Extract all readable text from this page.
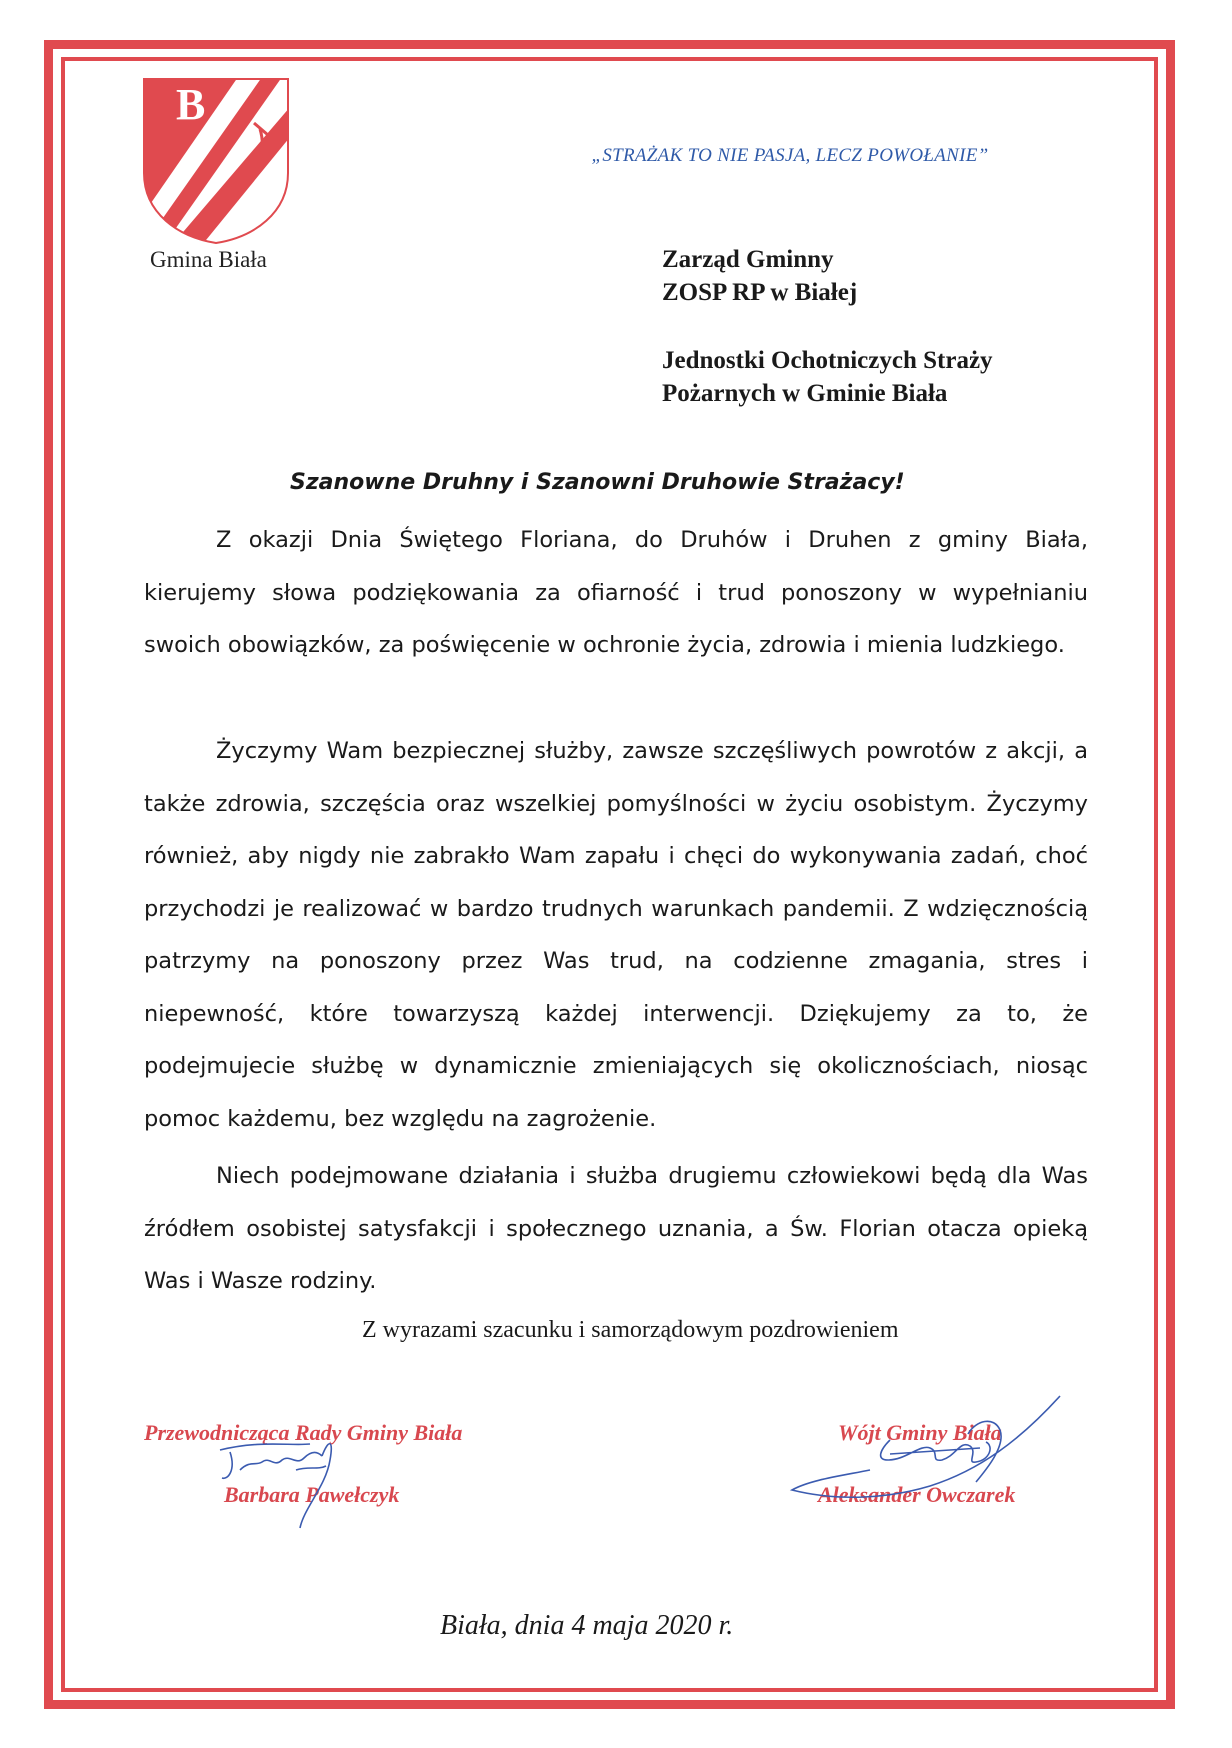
B
Gmina Biała
„STRAŻAK TO NIE PASJA, LECZ POWOŁANIE”
Zarząd Gminny
ZOSP RP w Białej
Jednostki Ochotniczych Straży
Pożarnych w Gminie Biała
Szanowne Druhny i Szanowni Druhowie Strażacy!

Z okazji Dnia Świętego Floriana, do Druhów i Druhen z gminy Biała, kierujemy słowa podziękowania za ofiarność i trud ponoszony w wypełnianiu swoich obowiązków, za poświęcenie w ochronie życia, zdrowia i mienia ludzkiego.

Życzymy Wam bezpiecznej służby, zawsze szczęśliwych powrotów z akcji, a także zdrowia, szczęścia oraz wszelkiej pomyślności w życiu osobistym. Życzymy również, aby nigdy nie zabrakło Wam zapału i chęci do wykonywania zadań, choć przychodzi je realizować w bardzo trudnych warunkach pandemii. Z wdzięcznością patrzymy na ponoszony przez Was trud, na codzienne zmagania, stres i niepewność, które towarzyszą każdej interwencji. Dziękujemy za to, że podejmujecie służbę w dynamicznie zmieniających się okolicznościach, niosąc pomoc każdemu, bez względu na zagrożenie.

Niech podejmowane działania i służba drugiemu człowiekowi będą dla Was źródłem osobistej satysfakcji i społecznego uznania, a Św. Florian otacza opieką Was i Wasze rodziny.

Z wyrazami szacunku i samorządowym pozdrowieniem
Przewodnicząca Rady Gminy Biała
Barbara Pawełczyk
Wójt Gminy Biała
Aleksander Owczarek
Biała, dnia 4 maja 2020 r.
